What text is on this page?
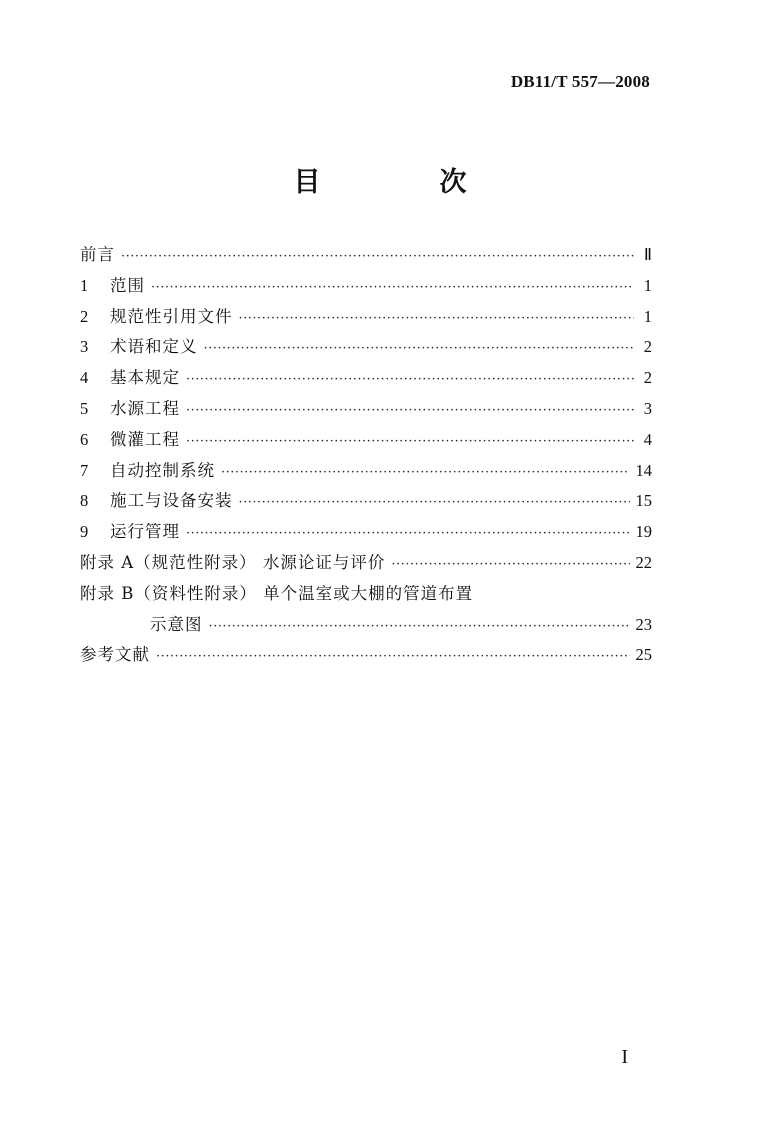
DB11/T 557—2008
目　次
前言 ·····	Ⅱ
1	范围 ·····	1
2	规范性引用文件 ·····	1
3	术语和定义 ·····	2
4	基本规定 ·····	2
5	水源工程 ·····	3
6	微灌工程 ·····	4
7	自动控制系统 ·····	14
8	施工与设备安装 ·····	15
9	运行管理 ·····	19
附录 A（规范性附录） 水源论证与评价 ·····	22
附录 B（资料性附录） 单个温室或大棚的管道布置
示意图 ·····	23
参考文献 ·····	25
I
